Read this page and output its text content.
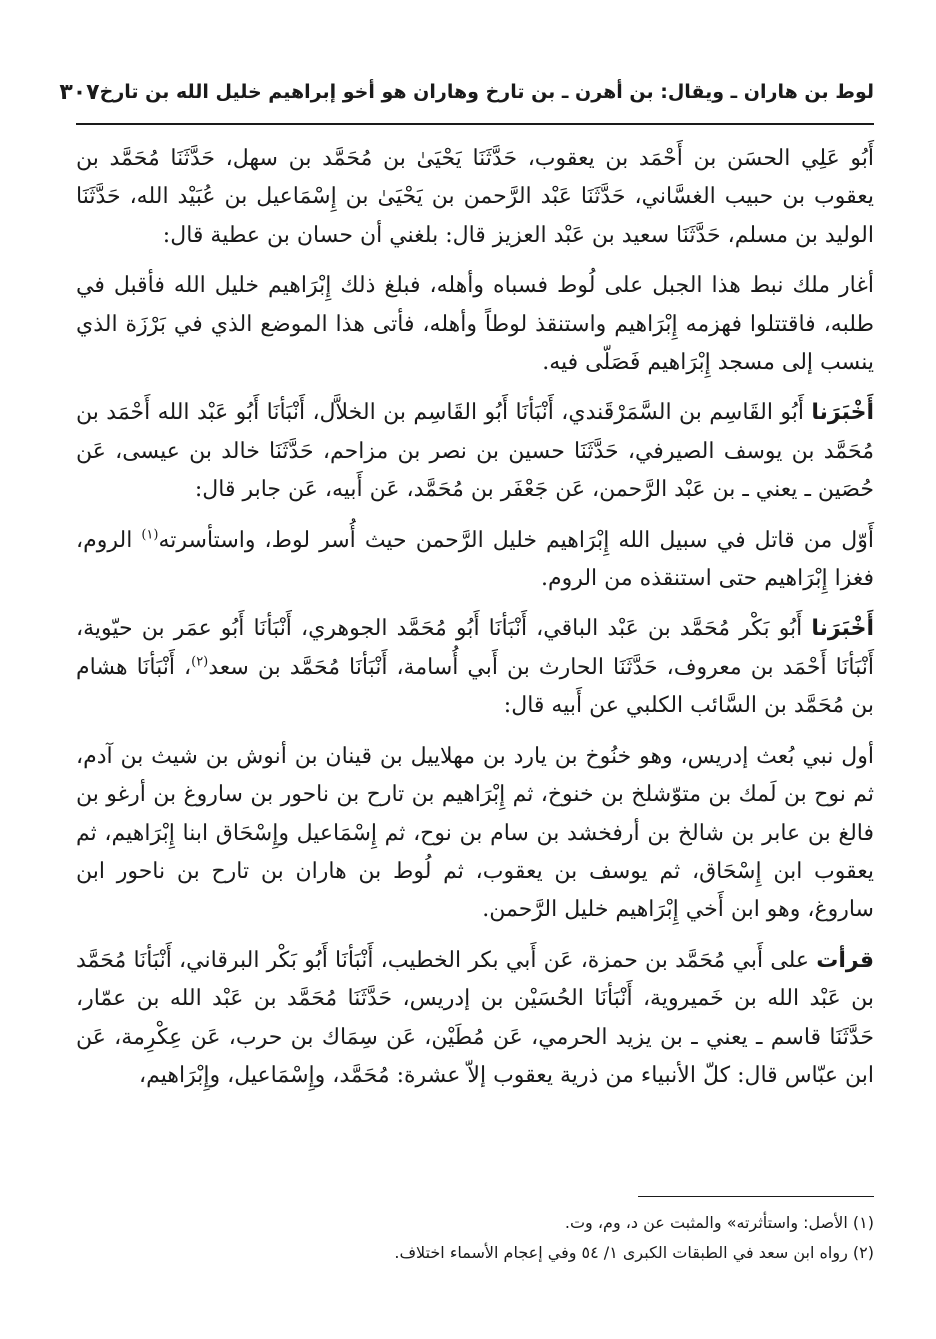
لوط بن هاران ـ ويقال: بن أهرن ـ بن تارخ وهاران هو أخو إبراهيم خليل الله بن تارخ
٣٠٧

أَبُو عَلِي الحسَن بن أَحْمَد بن يعقوب، حَدَّثَنَا يَحْيَىٰ بن مُحَمَّد بن سهل، حَدَّثَنَا مُحَمَّد بن يعقوب بن حبيب الغسَّاني، حَدَّثَنَا عَبْد الرَّحمن بن يَحْيَىٰ بن إِسْمَاعيل بن عُبَيْد الله، حَدَّثَنَا الوليد بن مسلم، حَدَّثَنَا سعيد بن عَبْد العزيز قال: بلغني أن حسان بن عطية قال:

أغار ملك نبط هذا الجبل على لُوط فسباه وأهله، فبلغ ذلك إِبْرَاهيم خليل الله فأقبل في طلبه، فاقتتلوا فهزمه إِبْرَاهيم واستنقذ لوطاً وأهله، فأتى هذا الموضع الذي في بَرْزَة الذي ينسب إلى مسجد إِبْرَاهيم فَصَلّى فيه.

أَخْبَرَنا أَبُو القَاسِم بن السَّمَرْقَندي، أَنْبَأنَا أَبُو القَاسِم بن الخلاَّل، أَنْبَأنَا أَبُو عَبْد الله أَحْمَد بن مُحَمَّد بن يوسف الصيرفي، حَدَّثَنَا حسين بن نصر بن مزاحم، حَدَّثَنَا خالد بن عيسى، عَن حُصَين ـ يعني ـ بن عَبْد الرَّحمن، عَن جَعْفَر بن مُحَمَّد، عَن أَبيه، عَن جابر قال:

أَوّل من قاتل في سبيل الله إِبْرَاهيم خليل الرَّحمن حيث أُسر لوط، واستأسرته$^{(١)}$ الروم، فغزا إِبْرَاهيم حتى استنقذه من الروم.

أَخْبَرَنا أَبُو بَكْر مُحَمَّد بن عَبْد الباقي، أَنْبَأنَا أَبُو مُحَمَّد الجوهري، أَنْبَأنَا أَبُو عمَر بن حيّوية، أَنْبَأنَا أَحْمَد بن معروف، حَدَّثَنَا الحارث بن أَبي أُسامة، أَنْبَأنَا مُحَمَّد بن سعد$^{(٢)}$، أَنْبَأنَا هشام بن مُحَمَّد بن السَّائب الكلبي عن أَبيه قال:

أول نبي بُعث إدريس، وهو خنُوخ بن يارد بن مهلاييل بن قينان بن أنوش بن شيث بن آدم، ثم نوح بن لَمك بن متوّشلخ بن خنوخ، ثم إِبْرَاهيم بن تارح بن ناحور بن ساروغ بن أرغو بن فالغ بن عابر بن شالخ بن أرفخشد بن سام بن نوح، ثم إِسْمَاعيل وإِسْحَاق ابنا إِبْرَاهيم، ثم يعقوب ابن إِسْحَاق، ثم يوسف بن يعقوب، ثم لُوط بن هاران بن تارح بن ناحور ابن ساروغ، وهو ابن أَخي إِبْرَاهيم خليل الرَّحمن.

قرأت على أَبي مُحَمَّد بن حمزة، عَن أَبي بكر الخطيب، أَنْبَأنَا أَبُو بَكْر البرقاني، أَنْبَأنَا مُحَمَّد بن عَبْد الله بن خَميروية، أَنْبَأنَا الحُسَيْن بن إدريس، حَدَّثَنَا مُحَمَّد بن عَبْد الله بن عمّار، حَدَّثَنَا قاسم ـ يعني ـ بن يزيد الحرمي، عَن مُطَيْن، عَن سِمَاك بن حرب، عَن عِكْرِمة، عَن ابن عبّاس قال: كلّ الأنبياء من ذرية يعقوب إلاّ عشرة: مُحَمَّد، وإِسْمَاعيل، وإِبْرَاهيم،

(١) الأصل: واستأثرته» والمثبت عن د، وم، وت.

(٢) رواه ابن سعد في الطبقات الكبرى ١/ ٥٤ وفي إعجام الأسماء اختلاف.
